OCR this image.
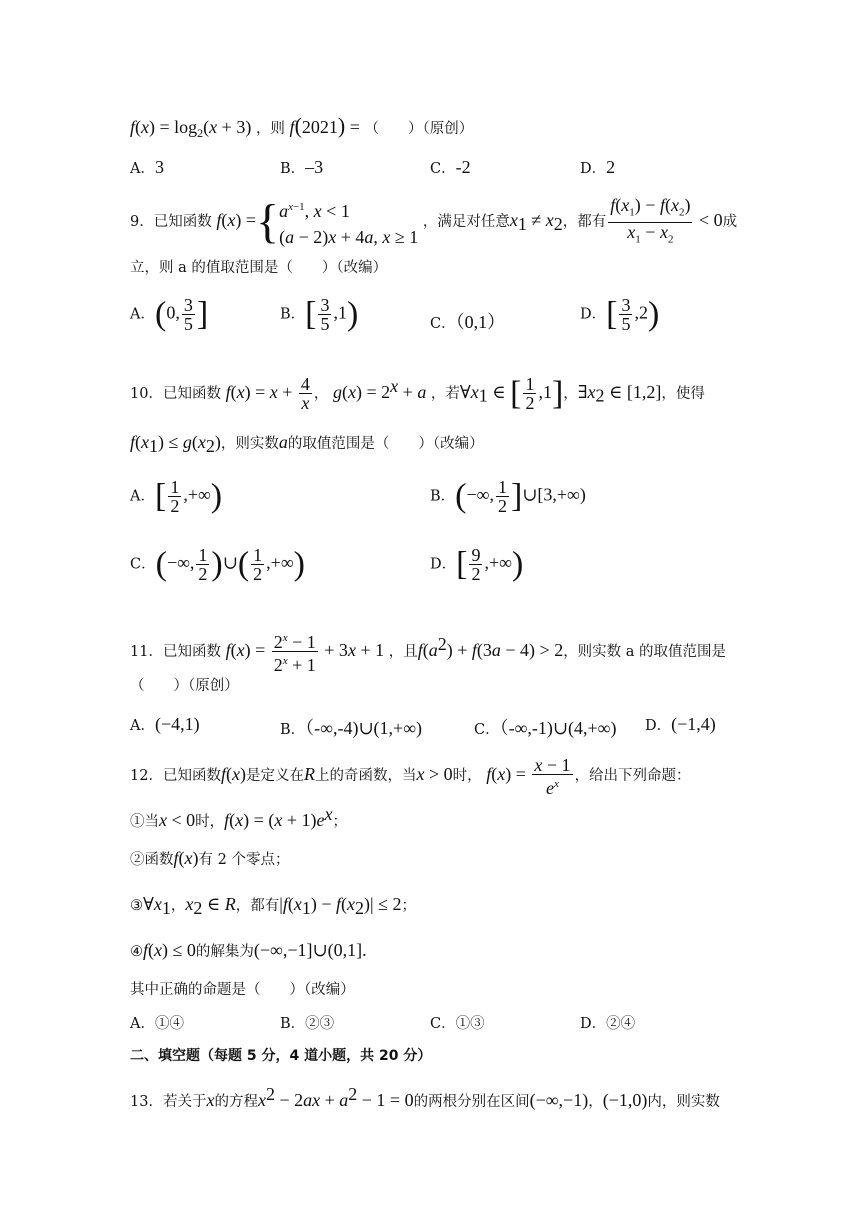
$f(x) = \log_2(x + 3)$ ，则 f(2021) = （　　）（原创）
A．3	B．–3	C．-2	D．2
9．已知函数 f(x) ={ $a^{x-1}$, x < 1
(a − 2)x + 4a, x ≥ 1
，满足对任意$x_1 \ne x_2$，都有 $\frac{f(x_1) - f(x_2)}{x_1 - x_2} < 0$成
立，则 a 的值取范围是（　　）（改编）
A．(0, $\frac{3}{5}$ ]	B．[ $\frac{3}{5} ,1$)	C．（0,1）	D．[ $\frac{3}{5} ,2$)
10．已知函数 $f(x) = x + \frac{4}{x}$ ， $g(x) = 2^x + a$ ，若$\forall x_1$ ∈ [ $\frac{1}{2} ,1$]，$\exists x_2$ ∈ [1,2]，使得
$f(x_1) \le g(x_2)$，则实数a的取值范围是（　　）（改编）
A．[ $\frac{1}{2}$ ,+∞)	B．(−∞, $\frac{1}{2}$ ]∪[3,+∞)
C．(−∞, $\frac{1}{2}$ )∪( $\frac{1}{2}$ ,+∞)	D．[ $\frac{9}{2}$ ,+∞)
11．已知函数 $f(x) = \frac{2^x - 1}{2^x + 1} + 3x + 1$ ，且$f(a^2) + f(3a - 4) > 2$，则实数 a 的取值范围是
（　　）（原创）
A．(−4,1)	B．（-∞,-4)∪(1,+∞)	C．（-∞,-1)∪(4,+∞) D．(−1,4)
12．已知函数f(x)是定义在R上的奇函数，当x > 0时， $f(x) = \frac{x - 1}{e^x}$ ，给出下列命题：
①当x < 0时，$f(x) = (x + 1)e^x$；
②函数f(x)有 2 个零点；
$③\forall x_1$，$x_2$ ∈ R，都有$|f(x_1) - f(x_2)| \le 2$；
④f(x) ≤ 0的解集为(−∞,−1]∪(0,1].
其中正确的命题是（　　）（改编）
A．①④	B．②③	C．①③	D．②④
二、填空题（每题 5 分，4 道小题，共 20 分）
13．若关于x的方程$x^2 - 2ax + a^2 - 1 = 0$的两根分别在区间(−∞,−1)，(−1,0)内，则实数
